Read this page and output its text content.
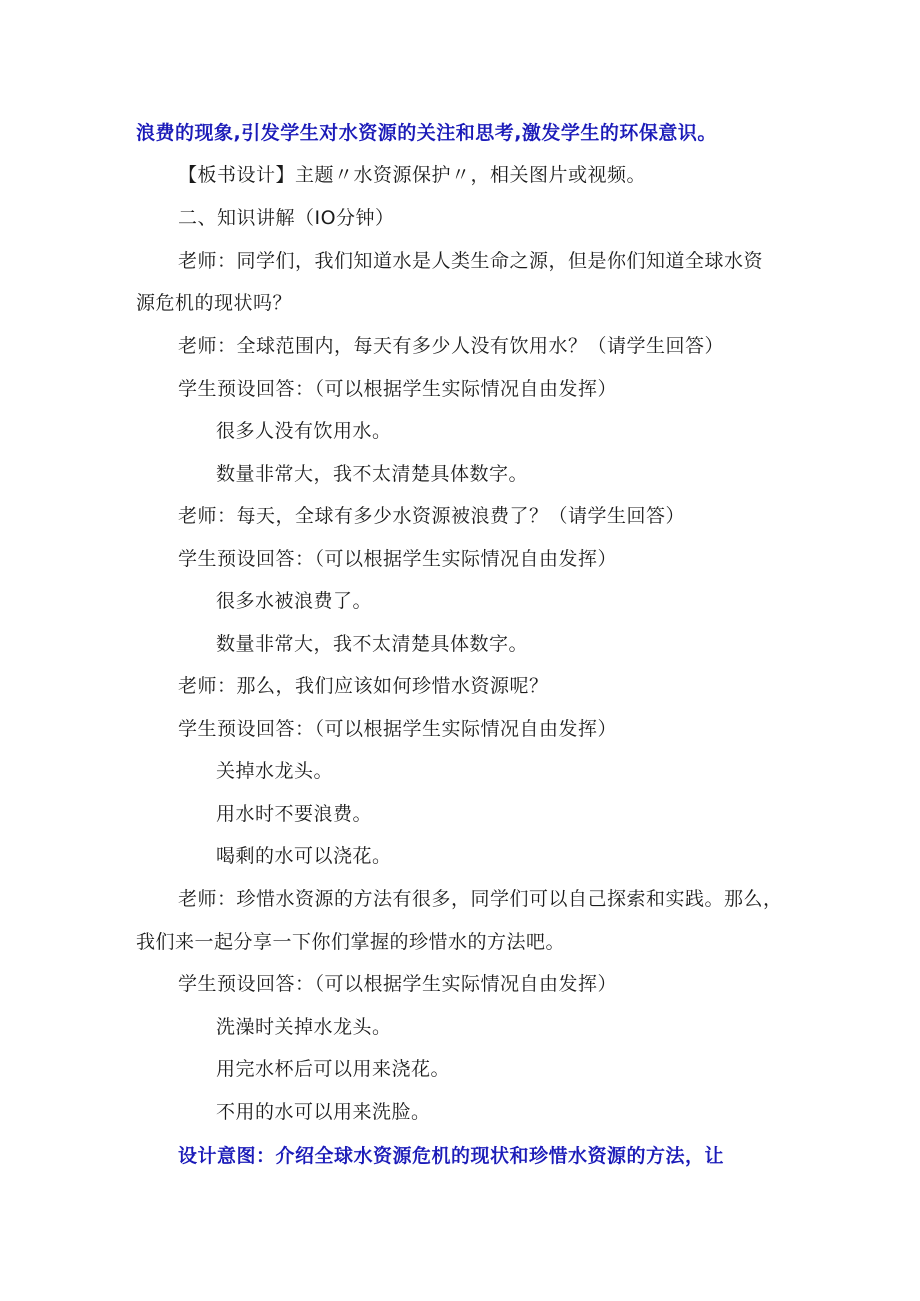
浪费的现象,引发学生对水资源的关注和思考,激发学生的环保意识。
【板书设计】主题〃水资源保护〃，相关图片或视频。
二、知识讲解（IO分钟）
老师：同学们，我们知道水是人类生命之源，但是你们知道全球水资
源危机的现状吗？
老师：全球范围内，每天有多少人没有饮用水？（请学生回答）
学生预设回答：（可以根据学生实际情况自由发挥）
很多人没有饮用水。
数量非常大，我不太清楚具体数字。
老师：每天，全球有多少水资源被浪费了？（请学生回答）
学生预设回答：（可以根据学生实际情况自由发挥）
很多水被浪费了。
数量非常大，我不太清楚具体数字。
老师：那么，我们应该如何珍惜水资源呢？
学生预设回答：（可以根据学生实际情况自由发挥）
关掉水龙头。
用水时不要浪费。
喝剩的水可以浇花。
老师：珍惜水资源的方法有很多，同学们可以自己探索和实践。那么，
我们来一起分享一下你们掌握的珍惜水的方法吧。
学生预设回答：（可以根据学生实际情况自由发挥）
洗澡时关掉水龙头。
用完水杯后可以用来浇花。
不用的水可以用来洗脸。
设计意图：介绍全球水资源危机的现状和珍惜水资源的方法，让
